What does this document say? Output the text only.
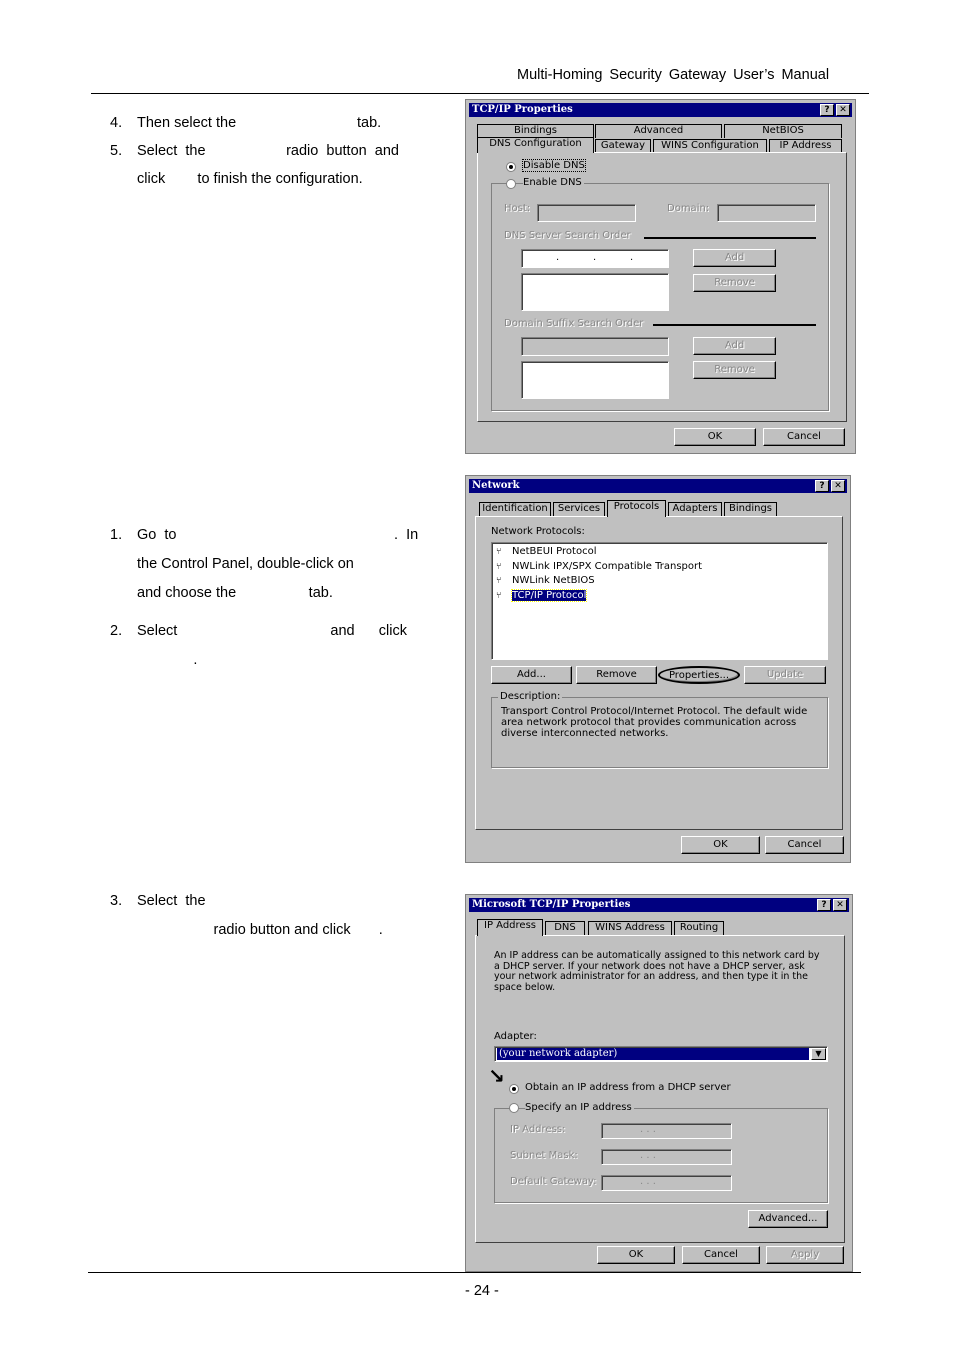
Multi-Homing Security Gateway User’s Manual
4. Then select the                              tab.
5. Select  the                    radio  button  and
click        to finish the configuration.
1. Go  to                                                      .  In
the Control Panel, double-click on
and choose the                  tab.
2. Select                                      and      click
.
3. Select  the
radio button and click       .
TCP/IP Properties	?	✕
Bindings	Advanced	NetBIOS
DNS Configuration	Gateway	WINS Configuration	IP Address
Disable DNS
Enable DNS
Host:	Domain:
DNS Server Search Order
.	.	.	Add
Remove
Domain Suffix Search Order
Add
Remove
OK	Cancel
Network	?	✕
Identification	Services	Protocols	Adapters	Bindings
Network Protocols:
⑂ NetBEUI Protocol
⑂ NWLink IPX/SPX Compatible Transport
⑂ NWLink NetBIOS
⑂ TCP/IP Protocol
Add...	Remove	Properties...	Update
Description:
Transport Control Protocol/Internet Protocol. The default wide area network protocol that provides communication across diverse interconnected networks.
OK	Cancel
Microsoft TCP/IP Properties	?	✕
IP Address	DNS	WINS Address	Routing
An IP address can be automatically assigned to this network card by a DHCP server. If your network does not have a DHCP server, ask your network administrator for an address, and then type it in the space below.
Adapter:
(your network adapter)	▼
↘ Obtain an IP address from a DHCP server
Specify an IP address
IP Address:	. . .
Subnet Mask:	. . .
Default Gateway:	. . .
Advanced...
OK	Cancel	Apply
- 24 -
